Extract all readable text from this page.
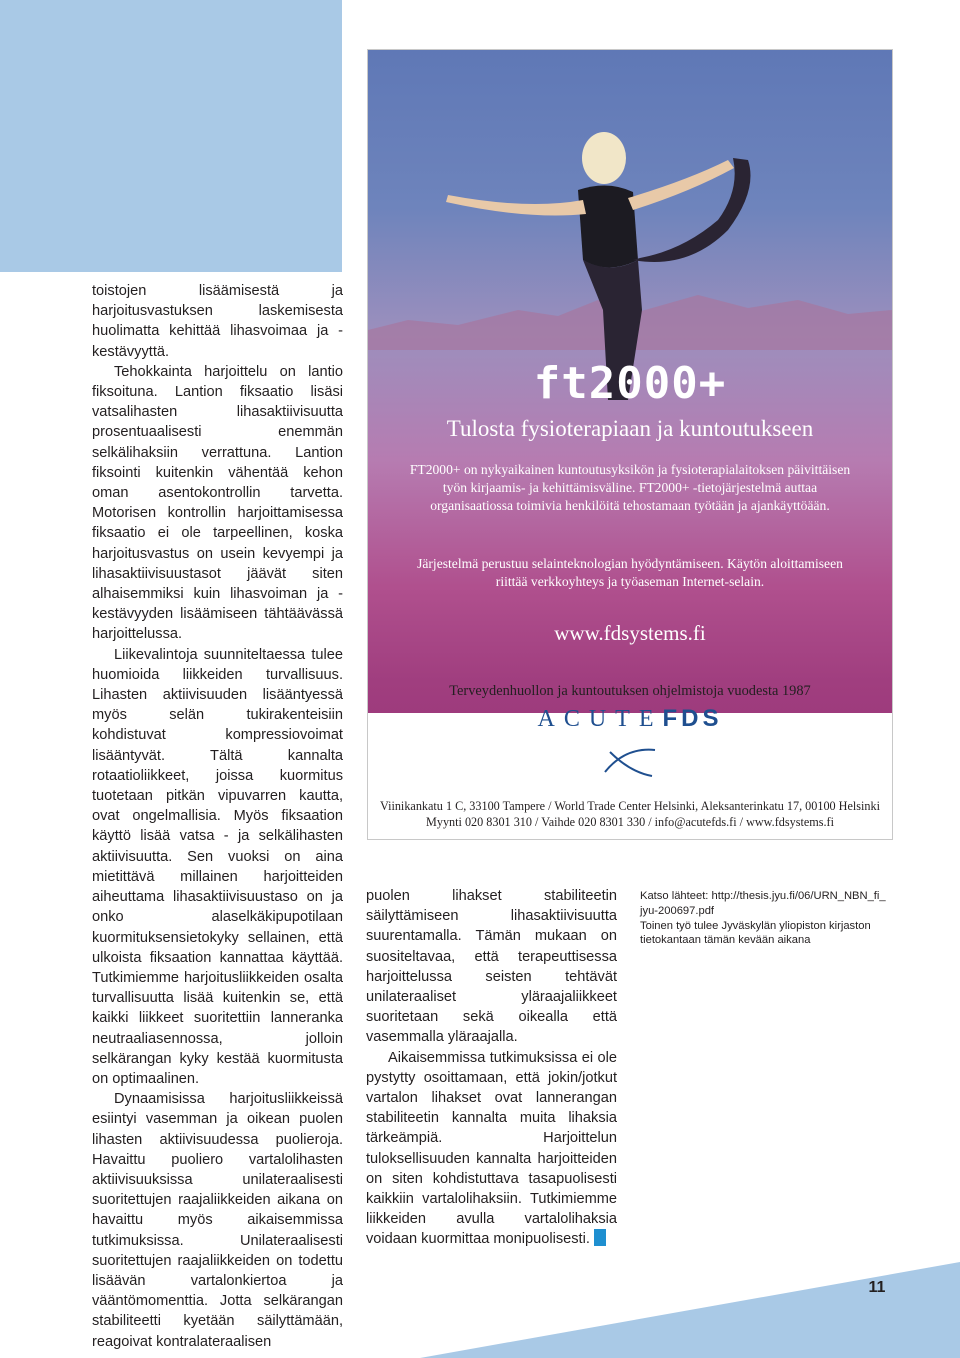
toistojen lisäämisestä ja harjoitusvastuksen laskemisesta huolimatta kehittää lihasvoimaa ja -kestävyyttä.

Tehokkainta harjoittelu on lantio fiksoituna. Lantion fiksaatio lisäsi vatsalihasten lihasaktiivisuutta prosentuaalisesti enemmän selkälihaksiin verrattuna. Lantion fiksointi kuitenkin vähentää kehon oman asentokontrollin tarvetta. Motorisen kontrollin harjoittamisessa fiksaatio ei ole tarpeellinen, koska harjoitusvastus on usein kevyempi ja lihasaktiivisuustasot jäävät siten alhaisemmiksi kuin lihasvoiman ja -kestävyyden lisäämiseen tähtäävässä harjoittelussa.

Liikevalintoja suunniteltaessa tulee huomioida liikkeiden turvallisuus. Lihasten aktiivisuuden lisääntyessä myös selän tukirakenteisiin kohdistuvat kompressiovoimat lisääntyvät. Tältä kannalta rotaatioliikkeet, joissa kuormitus tuotetaan pitkän vipuvarren kautta, ovat ongelmallisia. Myös fiksaation käyttö lisää vatsa - ja selkälihasten aktiivisuutta. Sen vuoksi on aina mietittävä millainen harjoitteiden aiheuttama lihasaktiivisuustaso on ja onko alaselkäkipupotilaan kuormituksensietokyky sellainen, että ulkoista fiksaation kannattaa käyttää. Tutkimiemme harjoitusliikkeiden osalta turvallisuutta lisää kuitenkin se, että kaikki liikkeet suoritettiin lanneranka neutraaliasennossa, jolloin selkärangan kyky kestää kuormitusta on optimaalinen.

Dynaamisissa harjoitusliikkeissä esiintyi vasemman ja oikean puolen lihasten aktiivisuudessa puolieroja. Havaittu puoliero vartalolihasten aktiivisuuksissa unilateraalisesti suoritettujen raajaliikkeiden aikana on havaittu myös aikaisemmissa tutkimuksissa. Unilateraalisesti suoritettujen raajaliikkeiden on todettu lisäävän vartalonkiertoa ja vääntömomenttia. Jotta selkärangan stabiliteetti kyetään säilyttämään, reagoivat kontralateraalisen

ft2000+
Tulosta fysioterapiaan ja kuntoutukseen
FT2000+ on nykyaikainen kuntoutusyksikön ja fysioterapialaitoksen päivittäisen työn kirjaamis- ja kehittämisväline. FT2000+ -tietojärjestelmä auttaa organisaatiossa toimivia henkilöitä tehostamaan työtään ja ajankäyttöään.
Järjestelmä perustuu selainteknologian hyödyntämiseen. Käytön aloittamiseen riittää verkkoyhteys ja työaseman Internet-selain.
www.fdsystems.fi
Terveydenhuollon ja kuntoutuksen ohjelmistoja vuodesta 1987
ACUTEFDS
Viinikankatu 1 C, 33100 Tampere / World Trade Center Helsinki, Aleksanterinkatu 17, 00100 Helsinki
Myynti 020 8301 310 / Vaihde 020 8301 330 / info@acutefds.fi / www.fdsystems.fi

puolen lihakset stabiliteetin säilyttämiseen lihasaktiivisuutta suurentamalla. Tämän mukaan on suositeltavaa, että terapeuttisessa harjoittelussa seisten tehtävät unilateraaliset yläraajaliikkeet suoritetaan sekä oikealla että vasemmalla yläraajalla.

Aikaisemmissa tutkimuksissa ei ole pystytty osoittamaan, että jokin/jotkut vartalon lihakset ovat lannerangan stabiliteetin kannalta muita lihaksia tärkeämpiä. Harjoittelun tuloksellisuuden kannalta harjoitteiden on siten kohdistuttava tasapuolisesti kaikkiin vartalolihaksiin. Tutkimiemme liikkeiden avulla vartalolihaksia voidaan kuormittaa monipuolisesti.

Katso lähteet: http://thesis.jyu.fi/06/URN_NBN_fi_
jyu-200697.pdf
Toinen työ tulee Jyväskylän yliopiston kirjaston
tietokantaan tämän kevään aikana
11
